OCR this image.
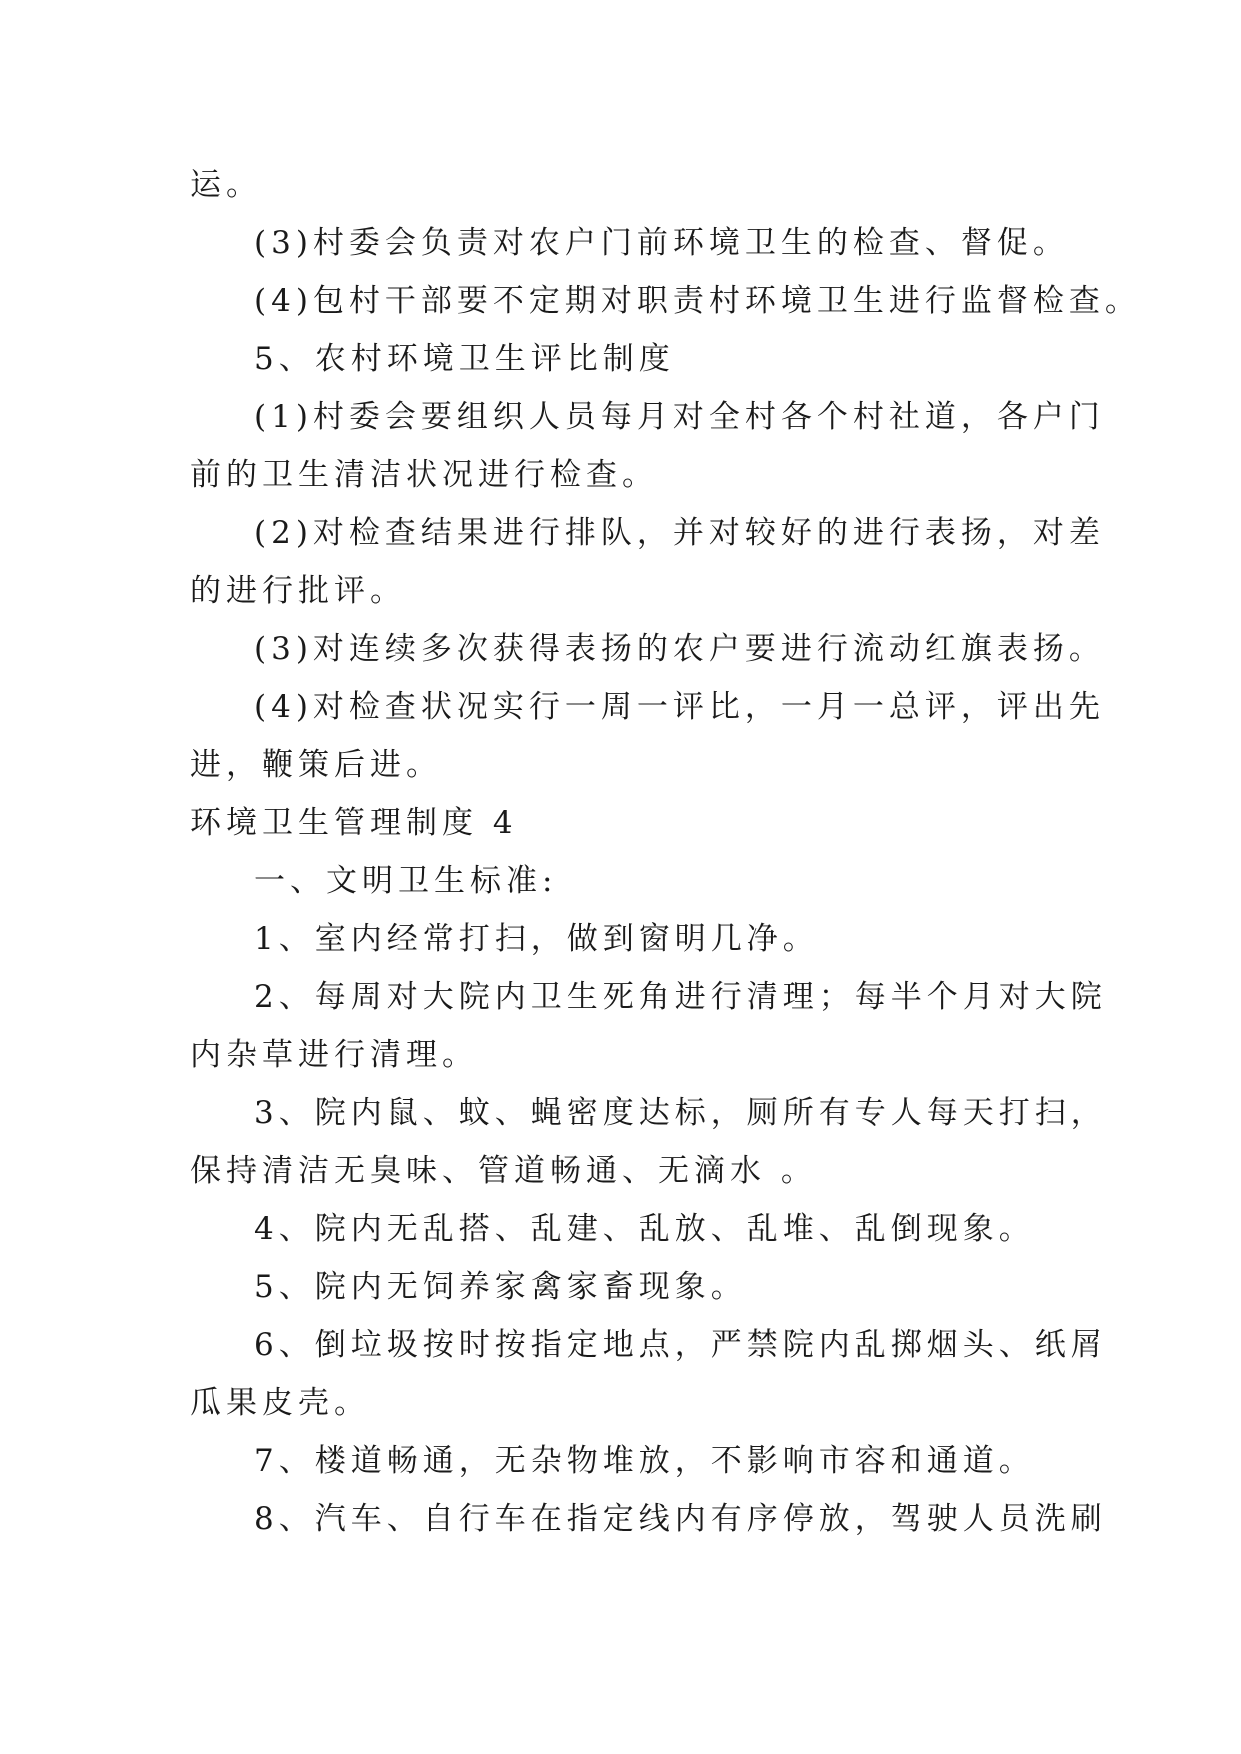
运。
(3)村委会负责对农户门前环境卫生的检查、督促。
(4)包村干部要不定期对职责村环境卫生进行监督检查。
5、农村环境卫生评比制度
(1)村委会要组织人员每月对全村各个村社道，各户门
前的卫生清洁状况进行检查。
(2)对检查结果进行排队，并对较好的进行表扬，对差
的进行批评。
(3)对连续多次获得表扬的农户要进行流动红旗表扬。
(4)对检查状况实行一周一评比，一月一总评，评出先
进，鞭策后进。
环境卫生管理制度 4
一、文明卫生标准:
1、室内经常打扫，做到窗明几净。
2、每周对大院内卫生死角进行清理；每半个月对大院
内杂草进行清理。
3、院内鼠、蚊、蝇密度达标，厕所有专人每天打扫，
保持清洁无臭味、管道畅通、无滴水 。
4、院内无乱搭、乱建、乱放、乱堆、乱倒现象。
5、院内无饲养家禽家畜现象。
6、倒垃圾按时按指定地点，严禁院内乱掷烟头、纸屑
瓜果皮壳。
7、楼道畅通，无杂物堆放，不影响市容和通道。
8、汽车、自行车在指定线内有序停放，驾驶人员洗刷
